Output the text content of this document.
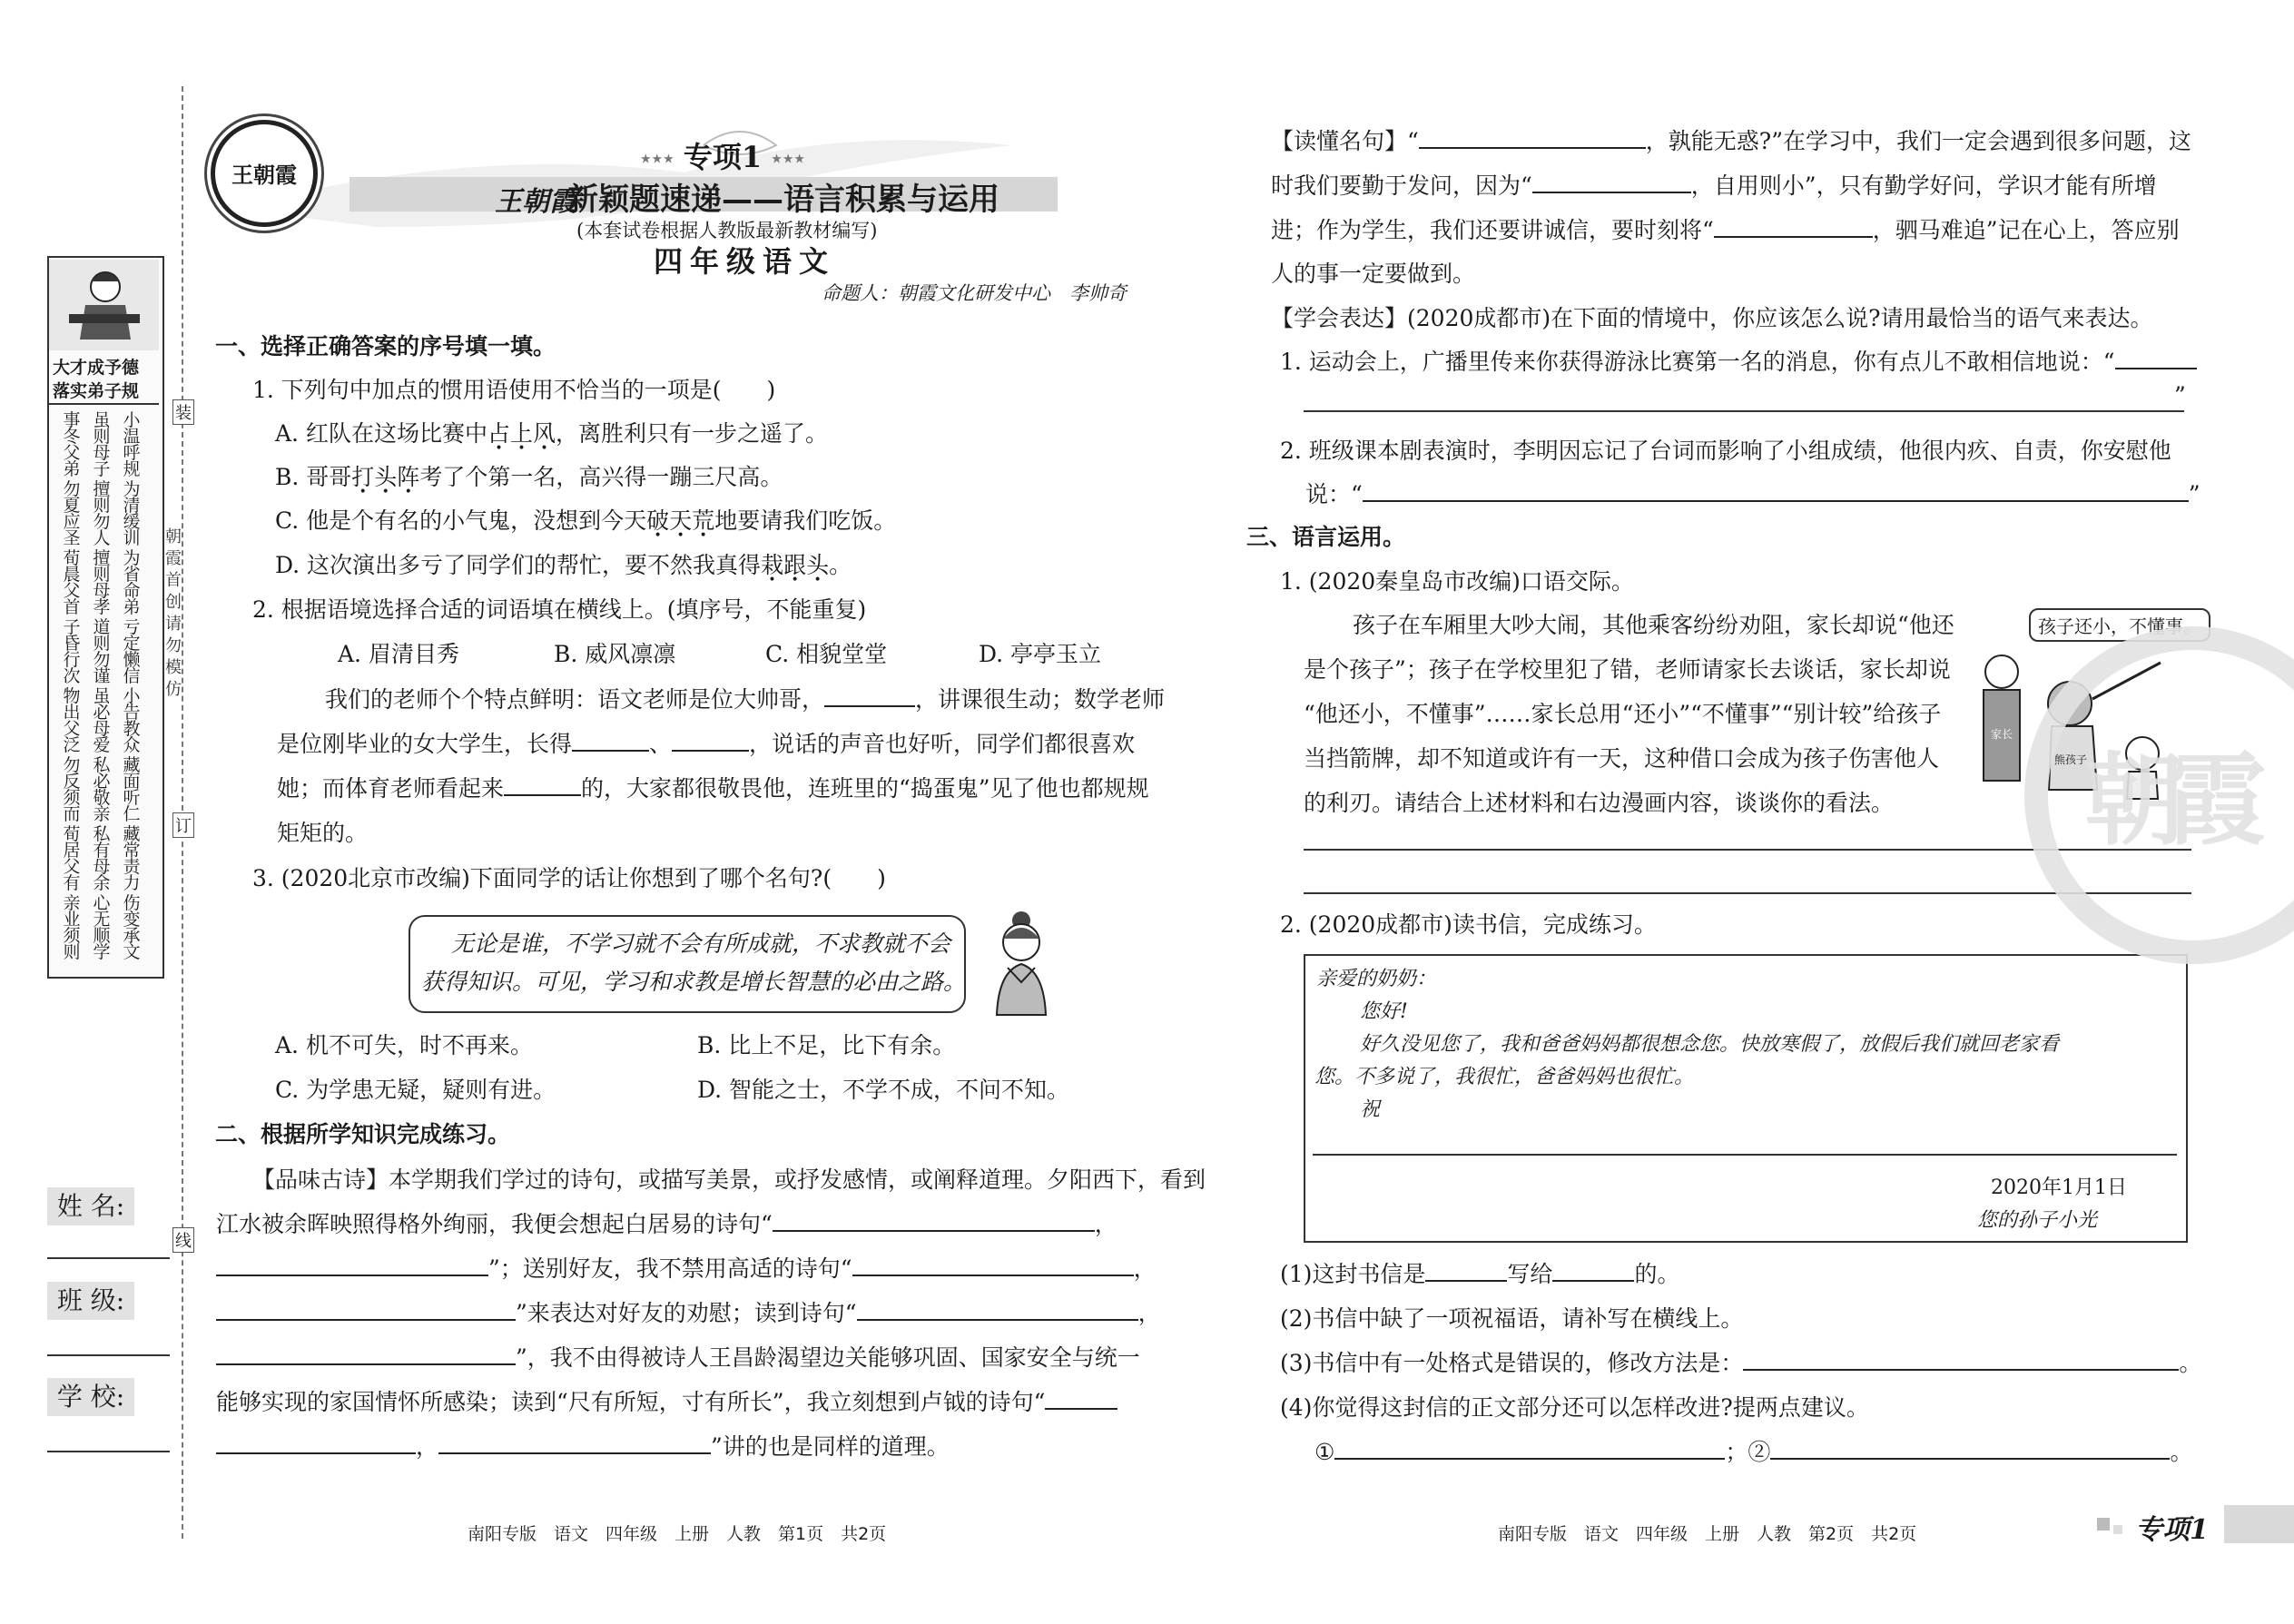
装
订
线
朝霞首创 请勿模仿
大才成予德
落实弟子规
事冬父弟
虽则母子
小温呼规
勿夏应圣
擅则勿人
为清缓训
荀晨父首
擅则母孝
为省命弟
子昏行次
道则勿谨
亏定懒信
物出父泛
虽必母爱
小告教众
勿反须而
私必敬亲
藏面听仁
荀居父有
私有母余
藏常责力
亲业须则
心无顺学
伤变承文
姓 名:
班 级:
学 校:
王朝霞
★★★ 专项1 ★★★
王朝霞
新颖题速递——语言积累与运用
(本套试卷根据人教版最新教材编写)
四年级语文
命题人：朝霞文化研发中心　李帅奇
一、选择正确答案的序号填一填。
1. 下列句中加点的惯用语使用不恰当的一项是(　　)
A. 红队在这场比赛中占上风，离胜利只有一步之遥了。
B. 哥哥打头阵考了个第一名，高兴得一蹦三尺高。
C. 他是个有名的小气鬼，没想到今天破天荒地要请我们吃饭。
D. 这次演出多亏了同学们的帮忙，要不然我真得栽跟头。
2. 根据语境选择合适的词语填在横线上。(填序号，不能重复)
A. 眉清目秀	B. 威风凛凛	C. 相貌堂堂	D. 亭亭玉立
我们的老师个个特点鲜明：语文老师是位大帅哥，	，讲课很生动；数学老师
是位刚毕业的女大学生，长得	、	，说话的声音也好听，同学们都很喜欢
她；而体育老师看起来	的，大家都很敬畏他，连班里的“捣蛋鬼”见了他也都规规
矩矩的。
3. (2020北京市改编)下面同学的话让你想到了哪个名句?(　　)
无论是谁，不学习就不会有所成就，不求教就不会
获得知识。可见，学习和求教是增长智慧的必由之路。
A. 机不可失，时不再来。	B. 比上不足，比下有余。
C. 为学患无疑，疑则有进。	D. 智能之士，不学不成，不问不知。
二、根据所学知识完成练习。
【品味古诗】本学期我们学过的诗句，或描写美景，或抒发感情，或阐释道理。夕阳西下，看到
江水被余晖映照得格外绚丽，我便会想起白居易的诗句“	，
”；送别好友，我不禁用高适的诗句“	，
”来表达对好友的劝慰；读到诗句“	，
”，我不由得被诗人王昌龄渴望边关能够巩固、国家安全与统一
能够实现的家国情怀所感染；读到“尺有所短，寸有所长”，我立刻想到卢钺的诗句“
，	”讲的也是同样的道理。
南阳专版　语文　四年级　上册　人教　第1页　共2页
【读懂名句】“	，孰能无惑?”在学习中，我们一定会遇到很多问题，这
时我们要勤于发问，因为“	，自用则小”，只有勤学好问，学识才能有所增
进；作为学生，我们还要讲诚信，要时刻将“	，驷马难追”记在心上，答应别
人的事一定要做到。
【学会表达】(2020成都市)在下面的情境中，你应该怎么说?请用最恰当的语气来表达。
1. 运动会上，广播里传来你获得游泳比赛第一名的消息，你有点儿不敢相信地说：“
”
2. 班级课本剧表演时，李明因忘记了台词而影响了小组成绩，他很内疚、自责，你安慰他
说：“	”
三、语言运用。
1. (2020秦皇岛市改编)口语交际。
孩子在车厢里大吵大闹，其他乘客纷纷劝阻，家长却说“他还
是个孩子”；孩子在学校里犯了错，老师请家长去谈话，家长却说
“他还小，不懂事”……家长总用“还小”“不懂事”“别计较”给孩子
当挡箭牌，却不知道或许有一天，这种借口会成为孩子伤害他人
的利刃。请结合上述材料和右边漫画内容，谈谈你的看法。
孩子还小，不懂事。
家长
熊孩子
2. (2020成都市)读书信，完成练习。
亲爱的奶奶：
您好!
好久没见您了，我和爸爸妈妈都很想念您。快放寒假了，放假后我们就回老家看
您。不多说了，我很忙，爸爸妈妈也很忙。
祝
2020年1月1日
您的孙子小光
(1)这封书信是	写给	的。
(2)书信中缺了一项祝福语，请补写在横线上。
(3)书信中有一处格式是错误的，修改方法是：	。
(4)你觉得这封信的正文部分还可以怎样改进?提两点建议。
①	；②	。
朝霞
南阳专版　语文　四年级　上册　人教　第2页　共2页	专项1
